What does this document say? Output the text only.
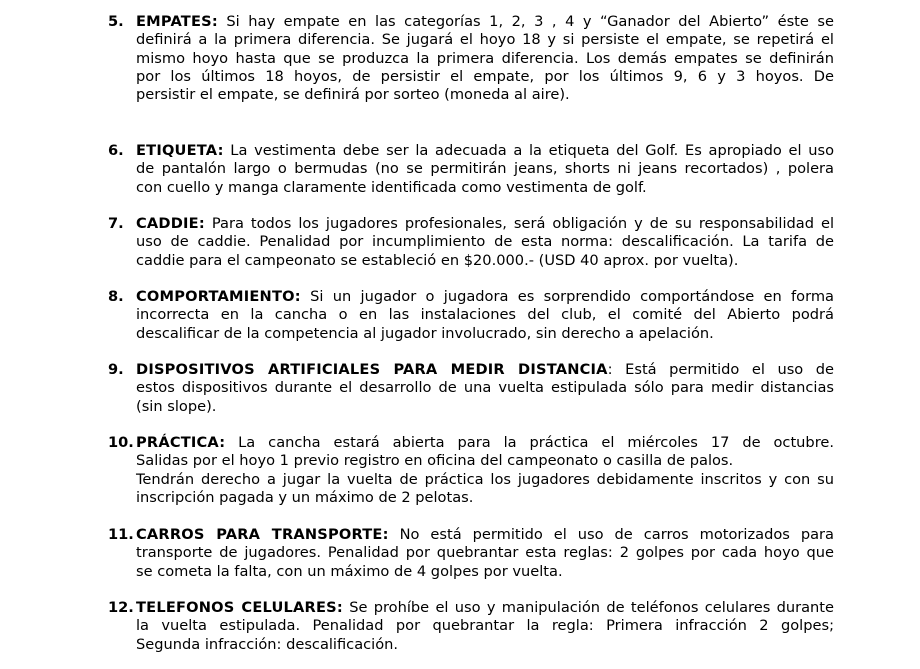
5. EMPATES: Si hay empate en las categorías 1, 2, 3 , 4 y “Ganador del Abierto” éste se
definirá a la primera diferencia. Se jugará el hoyo 18 y si persiste el empate, se repetirá el
mismo hoyo hasta que se produzca la primera diferencia. Los demás empates se definirán
por los últimos 18 hoyos, de persistir el empate, por los últimos 9, 6 y 3 hoyos. De
persistir el empate, se definirá por sorteo (moneda al aire).
6. ETIQUETA: La vestimenta debe ser la adecuada a la etiqueta del Golf. Es apropiado el uso
de pantalón largo o bermudas (no se permitirán jeans, shorts ni jeans recortados) , polera
con cuello y manga claramente identificada como vestimenta de golf.
7. CADDIE: Para todos los jugadores profesionales, será obligación y de su responsabilidad el
uso de caddie. Penalidad por incumplimiento de esta norma: descalificación. La tarifa de
caddie para el campeonato se estableció en $20.000.- (USD 40 aprox. por vuelta).
8. COMPORTAMIENTO: Si un jugador o jugadora es sorprendido comportándose en forma
incorrecta en la cancha o en las instalaciones del club, el comité del Abierto podrá
descalificar de la competencia al jugador involucrado, sin derecho a apelación.
9. DISPOSITIVOS ARTIFICIALES PARA MEDIR DISTANCIA: Está permitido el uso de
estos dispositivos durante el desarrollo de una vuelta estipulada sólo para medir distancias
(sin slope).
10. PRÁCTICA: La cancha estará abierta para la práctica el miércoles 17 de octubre.
Salidas por el hoyo 1 previo registro en oficina del campeonato o casilla de palos.
Tendrán derecho a jugar la vuelta de práctica los jugadores debidamente inscritos y con su
inscripción pagada y un máximo de 2 pelotas.
11. CARROS PARA TRANSPORTE: No está permitido el uso de carros motorizados para
transporte de jugadores. Penalidad por quebrantar esta reglas: 2 golpes por cada hoyo que
se cometa la falta, con un máximo de 4 golpes por vuelta.
12. TELEFONOS CELULARES: Se prohíbe el uso y manipulación de teléfonos celulares durante
la vuelta estipulada. Penalidad por quebrantar la regla: Primera infracción 2 golpes;
Segunda infracción: descalificación.
